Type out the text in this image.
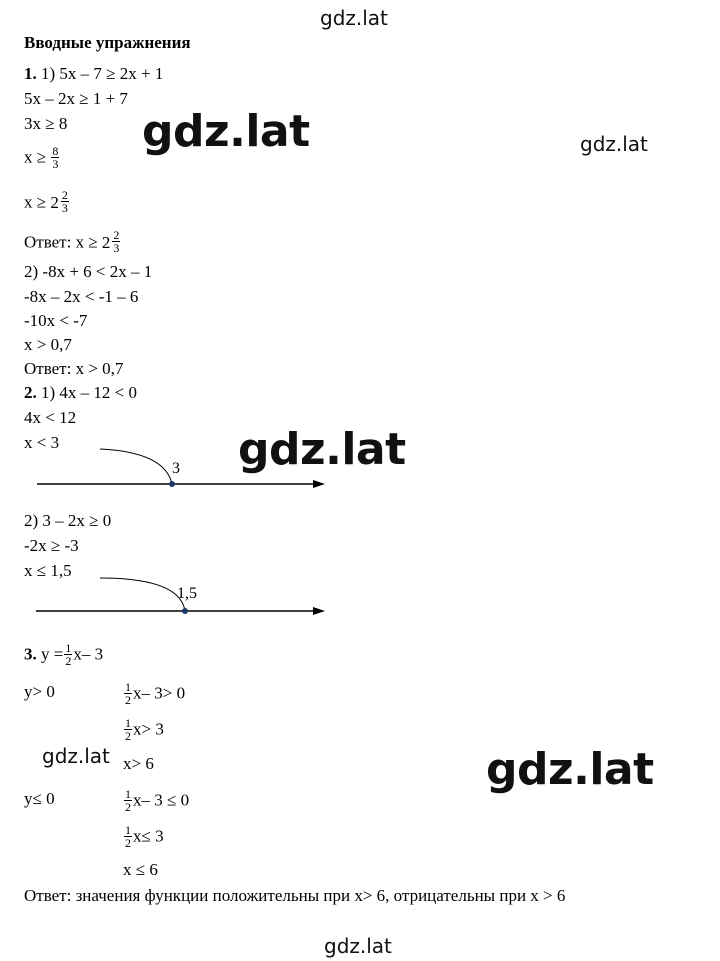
gdz.lat
gdz.lat	gdz.lat
gdz.lat
gdz.lat	gdz.lat
gdz.lat
Вводные упражнения
1. 1) 5x – 7 ≥ 2x + 1
5x – 2x ≥ 1 + 7
3x ≥ 8
$x \ge \frac{8}{3}$
$x \ge 2 \frac{2}{3}$
Ответ: $x \ge 2 \frac{2}{3}$
2) -8x + 6 < 2x – 1
-8x – 2x < -1 – 6
-10x < -7
x > 0,7
Ответ: x > 0,7
2. 1) 4x – 12 < 0
4x < 12
x < 3
3
2) 3 – 2x ≥ 0
-2x ≥ -3
x ≤ 1,5
1,5
3. $y = \frac{1}{2} x-$ 3
y> 0	$\frac{1}{2} x-$ 3> 0
$\frac{1}{2} x> 3$
x> 6
y≤ 0	$\frac{1}{2} x-$ 3 ≤ 0
$\frac{1}{2} x\le 3$
x ≤ 6
Ответ: значения функции положительны при x> 6, отрицательны при x > 6
